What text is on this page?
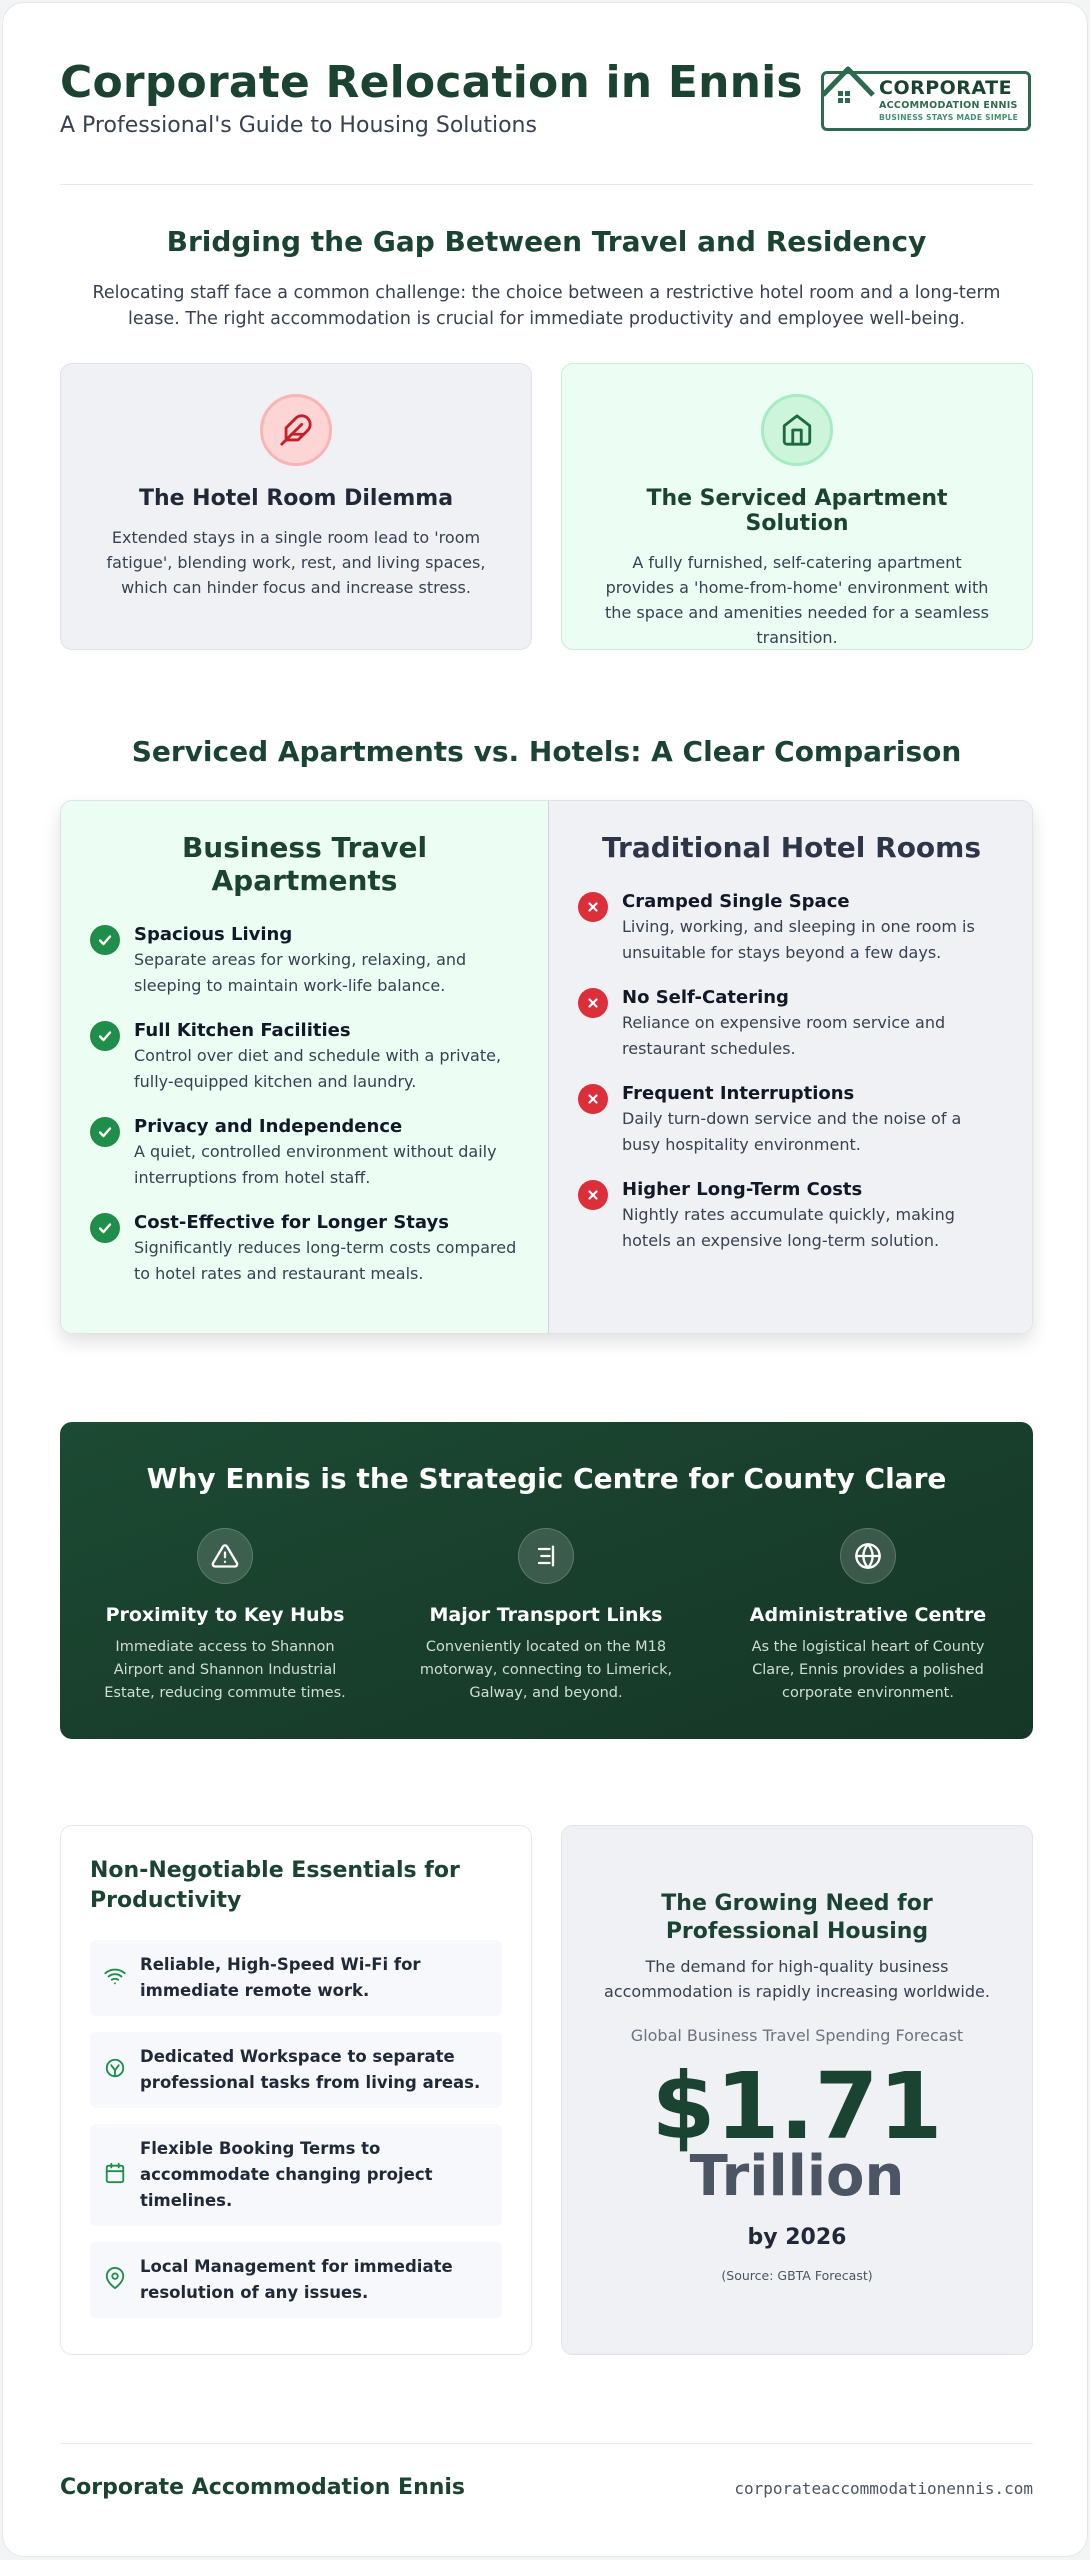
Corporate Relocation in Ennis
A Professional's Guide to Housing Solutions
CORPORATE
ACCOMMODATION ENNIS
BUSINESS STAYS MADE SIMPLE
Bridging the Gap Between Travel and Residency

Relocating staff face a common challenge: the choice between a restrictive hotel room and a long-term lease. The right accommodation is crucial for immediate productivity and employee well-being.

The Hotel Room Dilemma

Extended stays in a single room lead to 'room fatigue', blending work, rest, and living spaces, which can hinder focus and increase stress.

The Serviced Apartment Solution

A fully furnished, self-catering apartment provides a 'home-from-home' environment with the space and amenities needed for a seamless transition.

Serviced Apartments vs. Hotels: A Clear Comparison
Business Travel Apartments
Spacious Living
Separate areas for working, relaxing, and sleeping to maintain work-life balance.
Full Kitchen Facilities
Control over diet and schedule with a private, fully-equipped kitchen and laundry.
Privacy and Independence
A quiet, controlled environment without daily interruptions from hotel staff.
Cost-Effective for Longer Stays
Significantly reduces long-term costs compared to hotel rates and restaurant meals.
Traditional Hotel Rooms
Cramped Single Space
Living, working, and sleeping in one room is unsuitable for stays beyond a few days.
No Self-Catering
Reliance on expensive room service and restaurant schedules.
Frequent Interruptions
Daily turn-down service and the noise of a busy hospitality environment.
Higher Long-Term Costs
Nightly rates accumulate quickly, making hotels an expensive long-term solution.
Why Ennis is the Strategic Centre for County Clare
Proximity to Key Hubs

Immediate access to Shannon Airport and Shannon Industrial Estate, reducing commute times.

Major Transport Links

Conveniently located on the M18 motorway, connecting to Limerick, Galway, and beyond.

Administrative Centre

As the logistical heart of County Clare, Ennis provides a polished corporate environment.

Non-Negotiable Essentials for Productivity
Reliable, High-Speed Wi-Fi for immediate remote work.
Dedicated Workspace to separate professional tasks from living areas.
Flexible Booking Terms to accommodate changing project timelines.
Local Management for immediate resolution of any issues.
The Growing Need for Professional Housing
The demand for high-quality business accommodation is rapidly increasing worldwide.
Global Business Travel Spending Forecast
$1.71
Trillion
by 2026
(Source: GBTA Forecast)
Corporate Accommodation Ennis	corporateaccommodationennis.com
